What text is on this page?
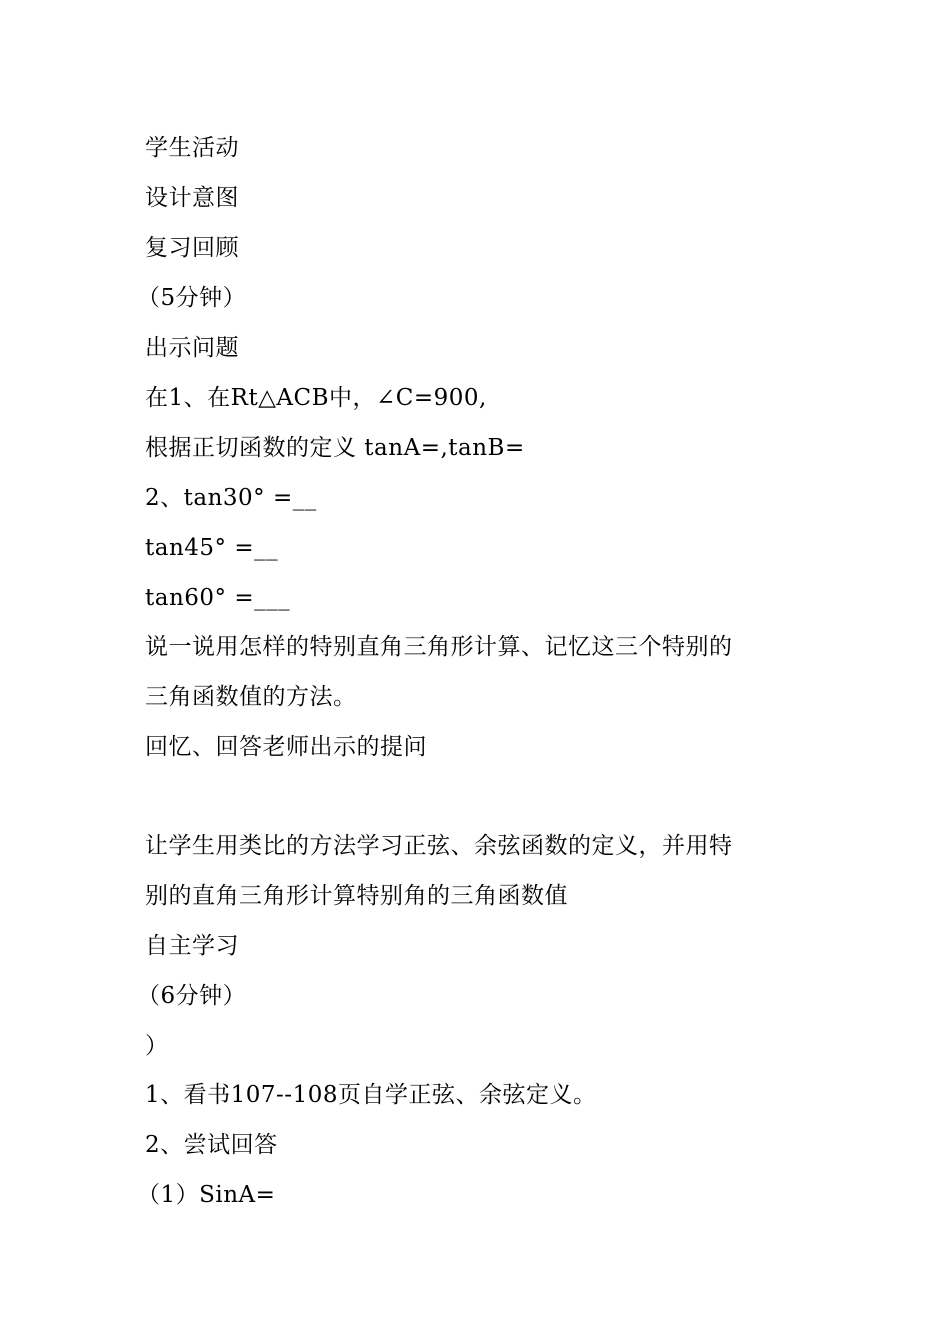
学生活动
设计意图
复习回顾
（5分钟）
出示问题
在1、在Rt△ACB中，∠C=900,
根据正切函数的定义 tanA=,tanB=
2、tan30° =__
tan45° =__
tan60° =___
说一说用怎样的特别直角三角形计算、记忆这三个特别的
三角函数值的方法。
回忆、回答老师出示的提问
让学生用类比的方法学习正弦、余弦函数的定义，并用特
别的直角三角形计算特别角的三角函数值
自主学习
（6分钟）
）
1、看书107--108页自学正弦、余弦定义。
2、尝试回答
（1）SinA=
